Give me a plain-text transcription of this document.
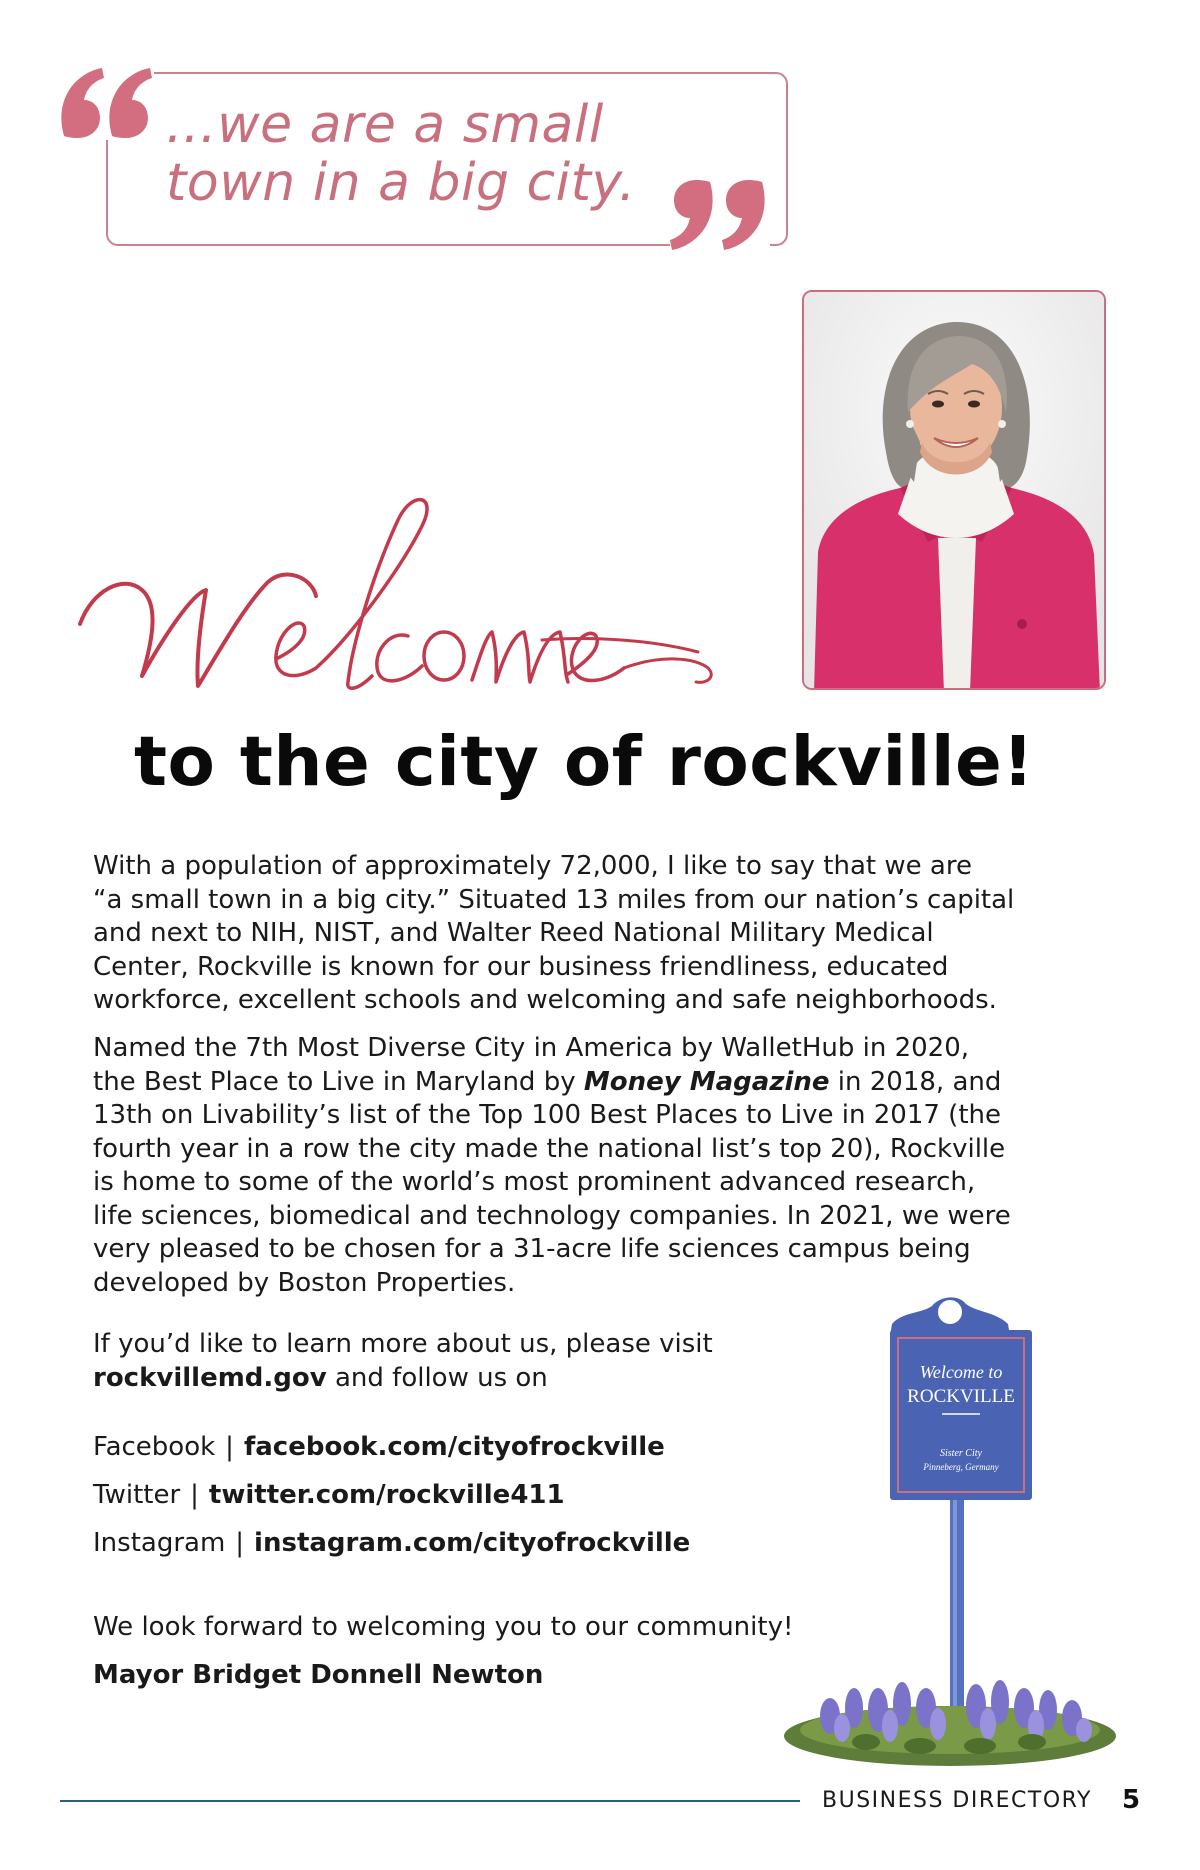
...we are a small
town in a big city.
to the city of rockville!
With a population of approximately 72,000, I like to say that we are
“a small town in a big city.” Situated 13 miles from our nation’s capital
and next to NIH, NIST, and Walter Reed National Military Medical
Center, Rockville is known for our business friendliness, educated
workforce, excellent schools and welcoming and safe neighborhoods.
Named the 7th Most Diverse City in America by WalletHub in 2020,
the Best Place to Live in Maryland by Money Magazine in 2018, and
13th on Livability’s list of the Top 100 Best Places to Live in 2017 (the
fourth year in a row the city made the national list’s top 20), Rockville
is home to some of the world’s most prominent advanced research,
life sciences, biomedical and technology companies. In 2021, we were
very pleased to be chosen for a 31-acre life sciences campus being
developed by Boston Properties.
If you’d like to learn more about us, please visit
rockvillemd.gov and follow us on
Facebook | facebook.com/cityofrockville
Twitter | twitter.com/rockville411
Instagram | instagram.com/cityofrockville
We look forward to welcoming you to our community!
Mayor Bridget Donnell Newton
Welcome to
ROCKVILLE
Sister City
Pinneberg, Germany
BUSINESS DIRECTORY 5
